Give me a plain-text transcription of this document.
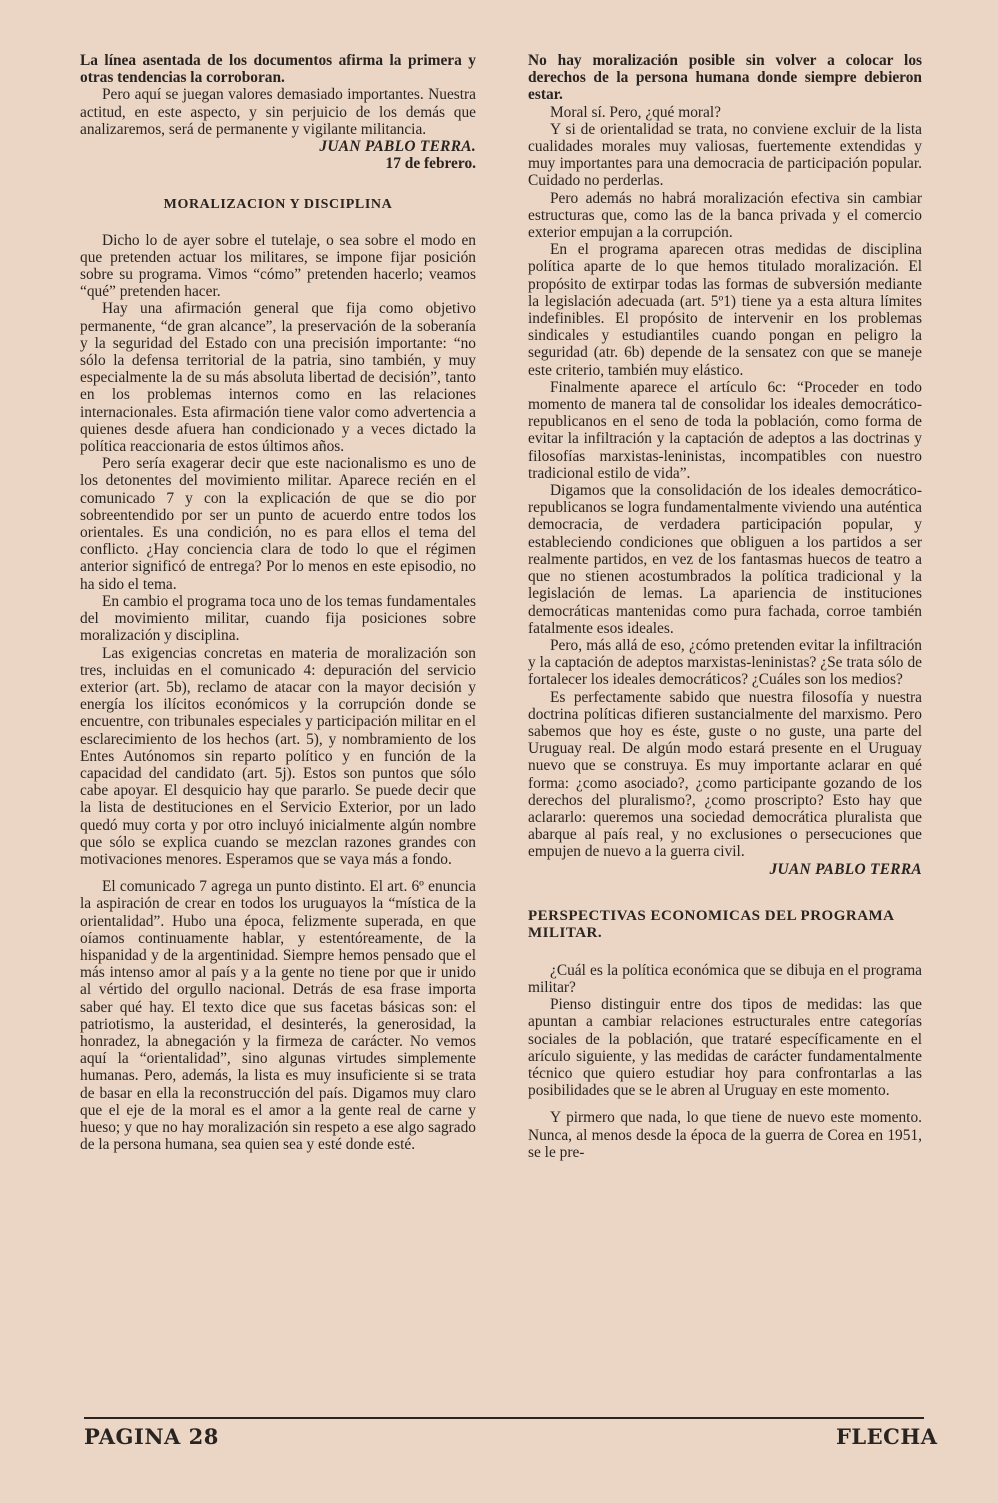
La línea asentada de los documentos afirma la primera y otras tendencias la corroboran.

Pero aquí se juegan valores demasiado importantes. Nuestra actitud, en este aspecto, y sin perjuicio de los demás que analizaremos, será de permanente y vigilante militancia.

JUAN PABLO TERRA.

17 de febrero.

MORALIZACION Y DISCIPLINA

Dicho lo de ayer sobre el tutelaje, o sea sobre el modo en que pretenden actuar los militares, se impone fijar posición sobre su programa. Vimos “cómo” pretenden hacerlo; veamos “qué” pretenden hacer.

Hay una afirmación general que fija como objetivo permanente, “de gran alcance”, la preservación de la soberanía y la seguridad del Estado con una precisión importante: “no sólo la defensa territorial de la patria, sino también, y muy especialmente la de su más absoluta libertad de decisión”, tanto en los problemas internos como en las relaciones internacionales. Esta afirmación tiene valor como advertencia a quienes desde afuera han condicionado y a veces dictado la política reaccionaria de estos últimos años.

Pero sería exagerar decir que este nacionalismo es uno de los detonentes del movimiento militar. Aparece recién en el comunicado 7 y con la explicación de que se dio por sobreentendido por ser un punto de acuerdo entre todos los orientales. Es una condición, no es para ellos el tema del conflicto. ¿Hay conciencia clara de todo lo que el régimen anterior significó de entrega? Por lo menos en este episodio, no ha sido el tema.

En cambio el programa toca uno de los temas fundamentales del movimiento militar, cuando fija posiciones sobre moralización y disciplina.

Las exigencias concretas en materia de moralización son tres, incluidas en el comunicado 4: depuración del servicio exterior (art. 5b), reclamo de atacar con la mayor decisión y energía los ilícitos económicos y la corrupción donde se encuentre, con tribunales especiales y participación militar en el esclarecimiento de los hechos (art. 5), y nombramiento de los Entes Autónomos sin reparto político y en función de la capacidad del candidato (art. 5j). Estos son puntos que sólo cabe apoyar. El desquicio hay que pararlo. Se puede decir que la lista de destituciones en el Servicio Exterior, por un lado quedó muy corta y por otro incluyó inicialmente algún nombre que sólo se explica cuando se mezclan razones grandes con motivaciones menores. Esperamos que se vaya más a fondo.

El comunicado 7 agrega un punto distinto. El art. 6º enuncia la aspiración de crear en todos los uruguayos la “mística de la orientalidad”. Hubo una época, felizmente superada, en que oíamos continuamente hablar, y estentóreamente, de la hispanidad y de la argentinidad. Siempre hemos pensado que el más intenso amor al país y a la gente no tiene por que ir unido al vértido del orgullo nacional. Detrás de esa frase importa saber qué hay. El texto dice que sus facetas básicas son: el patriotismo, la austeridad, el desinterés, la generosidad, la honradez, la abnegación y la firmeza de carácter. No vemos aquí la “orientalidad”, sino algunas virtudes simplemente humanas. Pero, además, la lista es muy insuficiente si se trata de basar en ella la reconstrucción del país. Digamos muy claro que el eje de la moral es el amor a la gente real de carne y hueso; y que no hay moralización sin respeto a ese algo sagrado de la persona humana, sea quien sea y esté donde esté.

No hay moralización posible sin volver a colocar los derechos de la persona humana donde siempre debieron estar.

Moral sí. Pero, ¿qué moral?

Y si de orientalidad se trata, no conviene excluir de la lista cualidades morales muy valiosas, fuertemente extendidas y muy importantes para una democracia de participación popular. Cuidado no perderlas.

Pero además no habrá moralización efectiva sin cambiar estructuras que, como las de la banca privada y el comercio exterior empujan a la corrupción.

En el programa aparecen otras medidas de disciplina política aparte de lo que hemos titulado moralización. El propósito de extirpar todas las formas de subversión mediante la legislación adecuada (art. 5º1) tiene ya a esta altura límites indefinibles. El propósito de intervenir en los problemas sindicales y estudiantiles cuando pongan en peligro la seguridad (atr. 6b) depende de la sensatez con que se maneje este criterio, también muy elástico.

Finalmente aparece el artículo 6c: “Proceder en todo momento de manera tal de consolidar los ideales democrático-republicanos en el seno de toda la población, como forma de evitar la infiltración y la captación de adeptos a las doctrinas y filosofías marxistas-leninistas, incompatibles con nuestro tradicional estilo de vida”.

Digamos que la consolidación de los ideales democrático-republicanos se logra fundamentalmente viviendo una auténtica democracia, de verdadera participación popular, y estableciendo condiciones que obliguen a los partidos a ser realmente partidos, en vez de los fantasmas huecos de teatro a que no stienen acostumbrados la política tradicional y la legislación de lemas. La apariencia de instituciones democráticas mantenidas como pura fachada, corroe también fatalmente esos ideales.

Pero, más allá de eso, ¿cómo pretenden evitar la infiltración y la captación de adeptos marxistas-leninistas? ¿Se trata sólo de fortalecer los ideales democráticos? ¿Cuáles son los medios?

Es perfectamente sabido que nuestra filosofía y nuestra doctrina políticas difieren sustancialmente del marxismo. Pero sabemos que hoy es éste, guste o no guste, una parte del Uruguay real. De algún modo estará presente en el Uruguay nuevo que se construya. Es muy importante aclarar en qué forma: ¿como asociado?, ¿como participante gozando de los derechos del pluralismo?, ¿como proscripto? Esto hay que aclararlo: queremos una sociedad democrática pluralista que abarque al país real, y no exclusiones o persecuciones que empujen de nuevo a la guerra civil.

JUAN PABLO TERRA
PERSPECTIVAS ECONOMICAS DEL PROGRAMA MILITAR.

¿Cuál es la política económica que se dibuja en el programa militar?

Pienso distinguir entre dos tipos de medidas: las que apuntan a cambiar relaciones estructurales entre categorías sociales de la población, que trataré específicamente en el arículo siguiente, y las medidas de carácter fundamentalmente técnico que quiero estudiar hoy para confrontarlas a las posibilidades que se le abren al Uruguay en este momento.

Y pirmero que nada, lo que tiene de nuevo este momento. Nunca, al menos desde la época de la guerra de Corea en 1951, se le pre-

PAGINA 28	FLECHA
